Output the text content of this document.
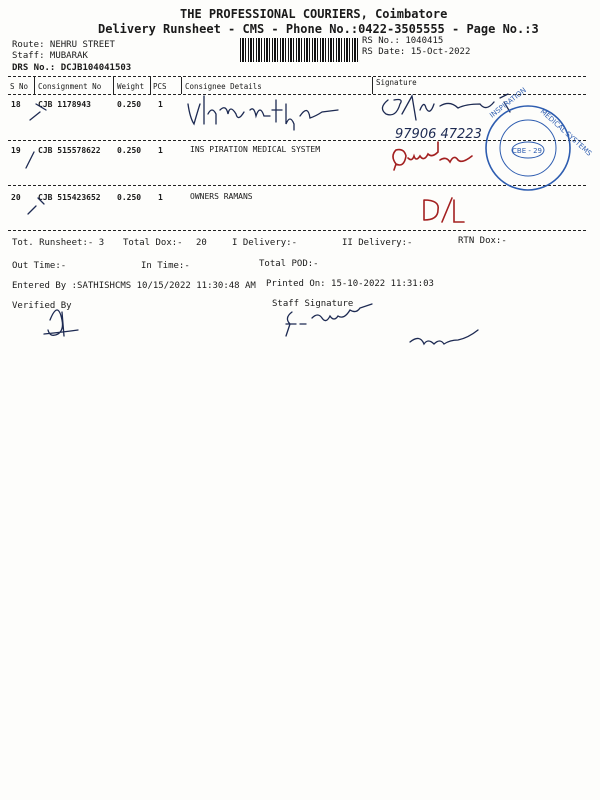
THE PROFESSIONAL COURIERS, Coimbatore
Delivery Runsheet - CMS - Phone No.:0422-3505555 - Page No.:3
Route: NEHRU STREET
Staff: MUBARAK
DRS No.: DCJB104041503
RS No.: 1040415
RS Date: 15-Oct-2022
S No Consignment No Weight PCS Consignee Details	Signature
18 CJB 1178943	0.250 1
19 CJB 515578622 0.250 1	INS PIRATION MEDICAL SYSTEM
20 CJB 515423652 0.250 1	OWNERS RAMANS
Tot. Runsheet:- 3 Total Dox:- 20	I Delivery:-	II Delivery:-	RTN Dox:-
Out Time:-	In Time:-	Total POD:-
Entered By :SATHISHCMS 10/15/2022 11:30:48 AM Printed On: 15-10-2022 11:31:03
Verified By	Staff Signature
97906 47223
CBE - 29
INSPIRATION
MEDICAL SYSTEMS
D/L
